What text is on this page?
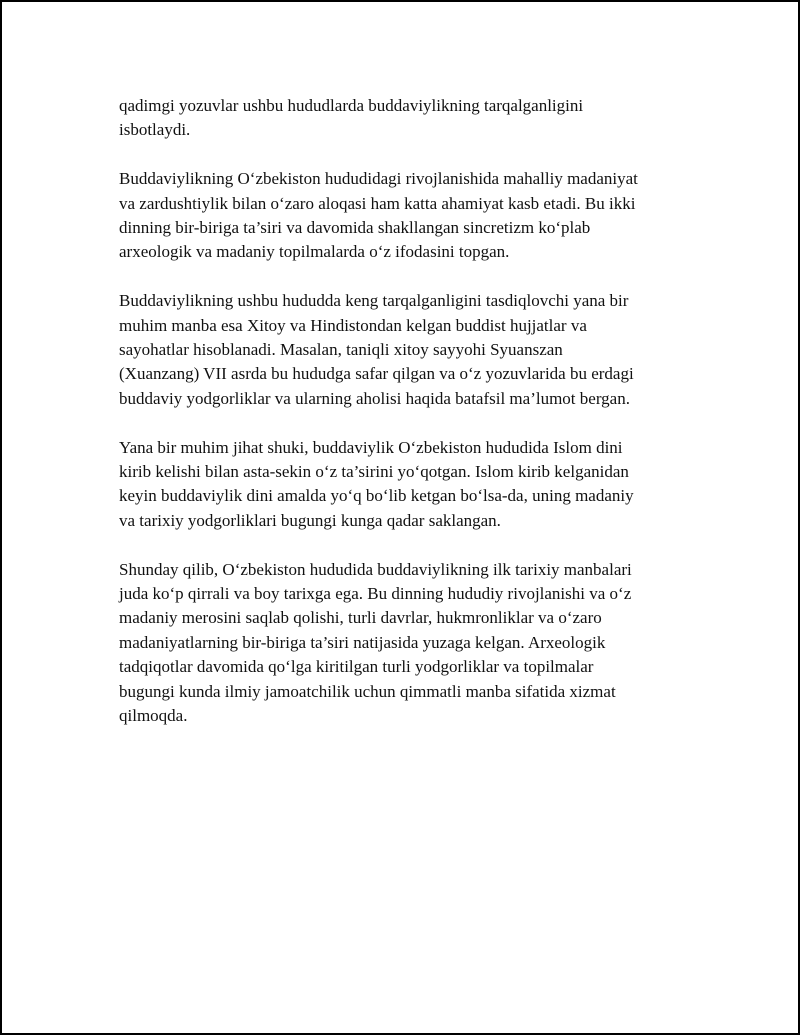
qadimgi yozuvlar ushbu hududlarda buddaviylikning tarqalganligini
isbotlaydi.

Buddaviylikning O‘zbekiston hududidagi rivojlanishida mahalliy madaniyat
va zardushtiylik bilan o‘zaro aloqasi ham katta ahamiyat kasb etadi. Bu ikki
dinning bir-biriga ta’siri va davomida shakllangan sincretizm ko‘plab
arxeologik va madaniy topilmalarda o‘z ifodasini topgan.

Buddaviylikning ushbu hududda keng tarqalganligini tasdiqlovchi yana bir
muhim manba esa Xitoy va Hindistondan kelgan buddist hujjatlar va
sayohatlar hisoblanadi. Masalan, taniqli xitoy sayyohi Syuanszan
(Xuanzang) VII asrda bu hududga safar qilgan va o‘z yozuvlarida bu erdagi
buddaviy yodgorliklar va ularning aholisi haqida batafsil ma’lumot bergan.

Yana bir muhim jihat shuki, buddaviylik O‘zbekiston hududida Islom dini
kirib kelishi bilan asta-sekin o‘z ta’sirini yo‘qotgan. Islom kirib kelganidan
keyin buddaviylik dini amalda yo‘q bo‘lib ketgan bo‘lsa-da, uning madaniy
va tarixiy yodgorliklari bugungi kunga qadar saklangan.

Shunday qilib, O‘zbekiston hududida buddaviylikning ilk tarixiy manbalari
juda ko‘p qirrali va boy tarixga ega. Bu dinning hududiy rivojlanishi va o‘z
madaniy merosini saqlab qolishi, turli davrlar, hukmronliklar va o‘zaro
madaniyatlarning bir-biriga ta’siri natijasida yuzaga kelgan. Arxeologik
tadqiqotlar davomida qo‘lga kiritilgan turli yodgorliklar va topilmalar
bugungi kunda ilmiy jamoatchilik uchun qimmatli manba sifatida xizmat
qilmoqda.
